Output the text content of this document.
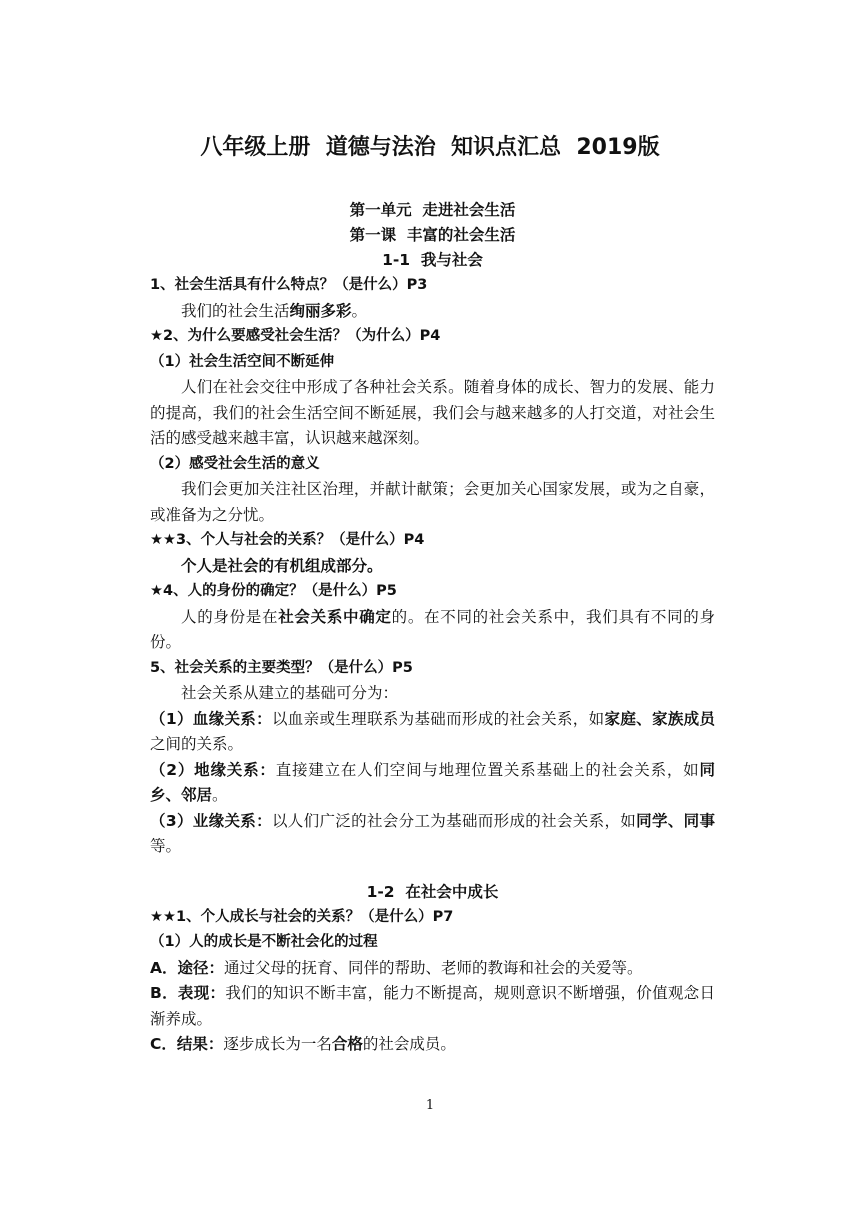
八年级上册  道德与法治  知识点汇总  2019版
第一单元  走进社会生活
第一课  丰富的社会生活
1-1  我与社会
1、社会生活具有什么特点？（是什么）P3
我们的社会生活绚丽多彩。
★2、为什么要感受社会生活？（为什么）P4
（1）社会生活空间不断延伸
人们在社会交往中形成了各种社会关系。随着身体的成长、智力的发展、能力的提高，我们的社会生活空间不断延展，我们会与越来越多的人打交道，对社会生活的感受越来越丰富，认识越来越深刻。
（2）感受社会生活的意义
我们会更加关注社区治理，并献计献策；会更加关心国家发展，或为之自豪，或准备为之分忧。
★★3、个人与社会的关系？（是什么）P4
个人是社会的有机组成部分。
★4、人的身份的确定？（是什么）P5
人的身份是在社会关系中确定的。在不同的社会关系中，我们具有不同的身份。
5、社会关系的主要类型？（是什么）P5
社会关系从建立的基础可分为：
（1）血缘关系：以血亲或生理联系为基础而形成的社会关系，如家庭、家族成员之间的关系。
（2）地缘关系：直接建立在人们空间与地理位置关系基础上的社会关系，如同乡、邻居。
（3）业缘关系：以人们广泛的社会分工为基础而形成的社会关系，如同学、同事等。
1-2  在社会中成长
★★1、个人成长与社会的关系？（是什么）P7
（1）人的成长是不断社会化的过程
A．途径：通过父母的抚育、同伴的帮助、老师的教诲和社会的关爱等。
B．表现：我们的知识不断丰富，能力不断提高，规则意识不断增强，价值观念日渐养成。
C．结果：逐步成长为一名合格的社会成员。
1
